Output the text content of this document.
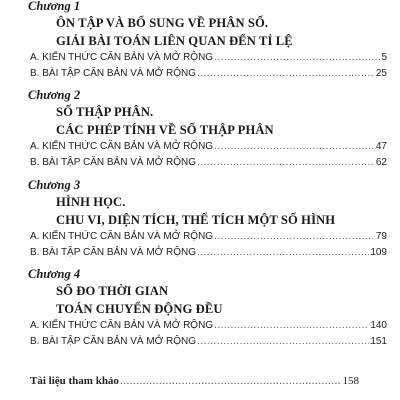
Chương 1
ÔN TẬP VÀ BỔ SUNG VỀ PHÂN SỐ.
GIẢI BÀI TOÁN LIÊN QUAN ĐẾN TỈ LỆ
A. KIẾN THỨC CĂN BẢN VÀ MỞ RỘNG .....	5
B. BÀI TẬP CĂN BẢN VÀ MỞ RỘNG .....	25
Chương 2
SỐ THẬP PHÂN.
CÁC PHÉP TÍNH VỀ SỐ THẬP PHÂN
A. KIẾN THỨC CĂN BẢN VÀ MỞ RỘNG .....	47
B. BÀI TẬP CĂN BẢN VÀ MỞ RỘNG .....	62
Chương 3
HÌNH HỌC.
CHU VI, DIỆN TÍCH, THỂ TÍCH MỘT SỐ HÌNH
A. KIẾN THỨC CĂN BẢN VÀ MỞ RỘNG .....	79
B. BÀI TẬP CĂN BẢN VÀ MỞ RỘNG .....	109
Chương 4
SỐ ĐO THỜI GIAN
TOÁN CHUYỂN ĐỘNG ĐỀU
A. KIẾN THỨC CĂN BẢN VÀ MỞ RỘNG .....	140
B. BÀI TẬP CĂN BẢN VÀ MỞ RỘNG .....	151
Tài liệu tham khảo .....	158
